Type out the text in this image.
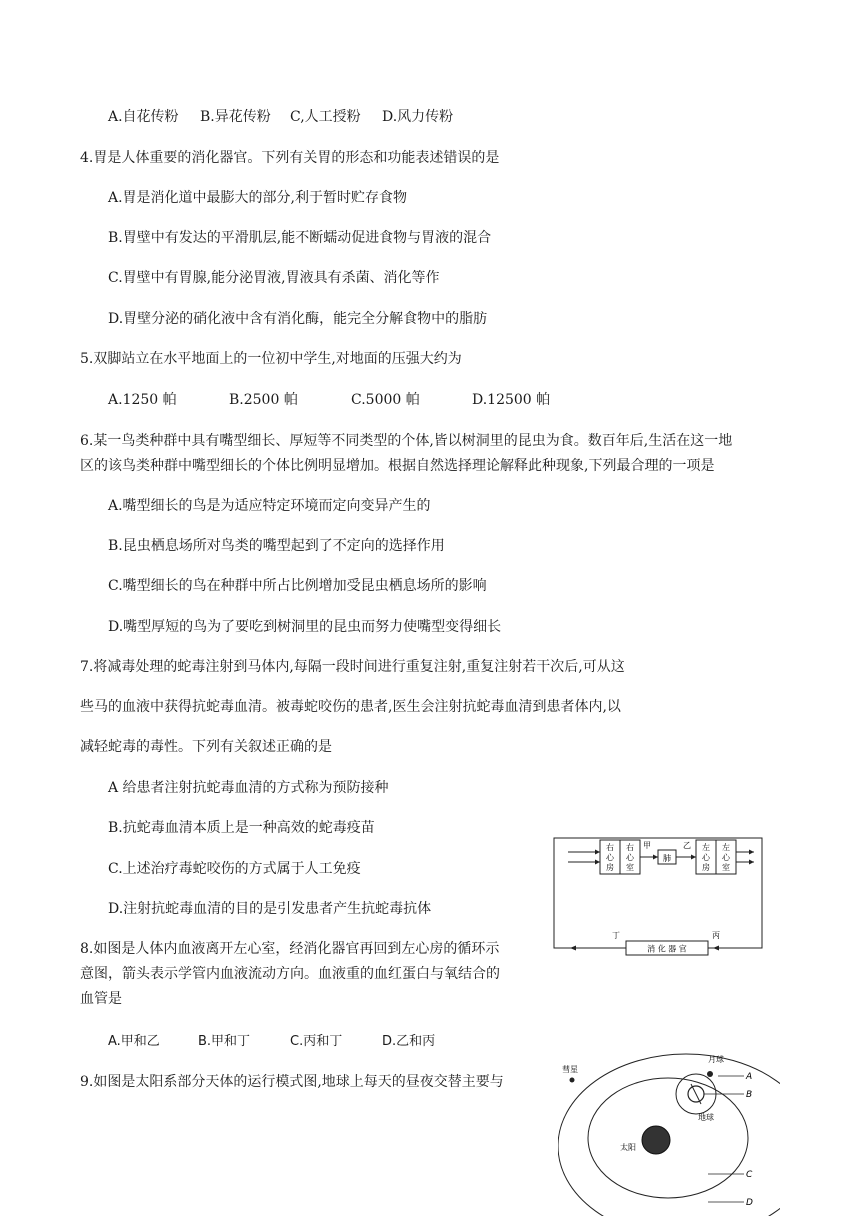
A.自花传粉 B.异花传粉 C,人工授粉 D.风力传粉
4.胃是人体重要的消化器官。下列有关胃的形态和功能表述错误的是
A.胃是消化道中最膨大的部分,利于暂时贮存食物
B.胃壁中有发达的平滑肌层,能不断蠕动促进食物与胃液的混合
C.胃壁中有胃腺,能分泌胃液,胃液具有杀菌、消化等作
D.胃壁分泌的硝化液中含有消化酶，能完全分解食物中的脂肪
5.双脚站立在水平地面上的一位初中学生,对地面的压强大约为
A.1250 帕	B.2500 帕	C.5000 帕	D.12500 帕
6.某一鸟类种群中具有嘴型细长、厚短等不同类型的个体,皆以树洞里的昆虫为食。数百年后,生活在这一地
区的该鸟类种群中嘴型细长的个体比例明显增加。根据自然选择理论解释此种现象,下列最合理的一项是
A.嘴型细长的鸟是为适应特定环境而定向变异产生的
B.昆虫栖息场所对鸟类的嘴型起到了不定向的选择作用
C.嘴型细长的鸟在种群中所占比例增加受昆虫栖息场所的影响
D.嘴型厚短的鸟为了要吃到树洞里的昆虫而努力使嘴型变得细长
7.将减毒处理的蛇毒注射到马体内,每隔一段时间进行重复注射,重复注射若干次后,可从这
些马的血液中获得抗蛇毒血清。被毒蛇咬伤的患者,医生会注射抗蛇毒血清到患者体内,以
减轻蛇毒的毒性。下列有关叙述正确的是
A 给患者注射抗蛇毒血清的方式称为预防接种
B.抗蛇毒血清本质上是一种高效的蛇毒疫苗
C.上述治疗毒蛇咬伤的方式属于人工免疫
D.注射抗蛇毒血清的目的是引发患者产生抗蛇毒抗体
8.如图是人体内血液离开左心室，经消化器官再回到左心房的循环示
意图，箭头表示学管内血液流动方向。血液重的血红蛋白与氧结合的
血管是
A.甲和乙	B.甲和丁	C.丙和丁	D.乙和丙
9.如图是太阳系部分天体的运行模式图,地球上每天的昼夜交替主要与
右
心
房
右
心
室
肺
左
心
房
左
心
室
甲	乙
消 化 器 官
丁	丙
太阳
地球
月球
彗星
A
B
C
D
